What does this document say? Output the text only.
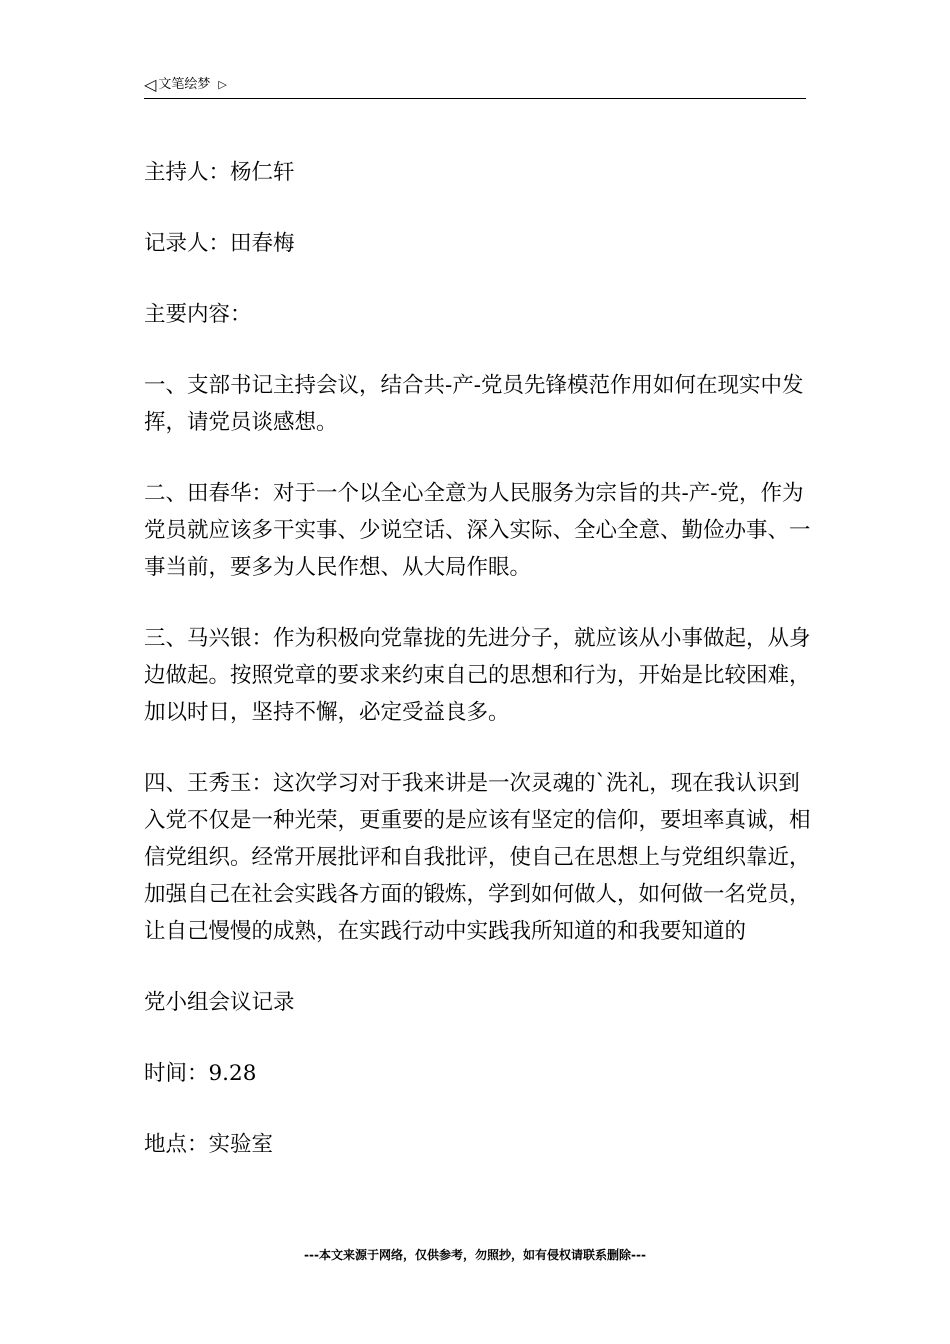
◁ 文笔绘梦 ▷

主持人：杨仁轩

记录人：田春梅

主要内容：

一、支部书记主持会议，结合共-产-党员先锋模范作用如何在现实中发挥，请党员谈感想。

二、田春华：对于一个以全心全意为人民服务为宗旨的共-产-党，作为党员就应该多干实事、少说空话、深入实际、全心全意、勤俭办事、一事当前，要多为人民作想、从大局作眼。

三、马兴银：作为积极向党靠拢的先进分子，就应该从小事做起，从身边做起。按照党章的要求来约束自己的思想和行为，开始是比较困难，加以时日，坚持不懈，必定受益良多。

四、王秀玉：这次学习对于我来讲是一次灵魂的`洗礼，现在我认识到入党不仅是一种光荣，更重要的是应该有坚定的信仰，要坦率真诚，相信党组织。经常开展批评和自我批评，使自己在思想上与党组织靠近，加强自己在社会实践各方面的锻炼，学到如何做人，如何做一名党员，让自己慢慢的成熟，在实践行动中实践我所知道的和我要知道的

党小组会议记录

时间：9.28

地点：实验室

---本文来源于网络，仅供参考，勿照抄，如有侵权请联系删除---
